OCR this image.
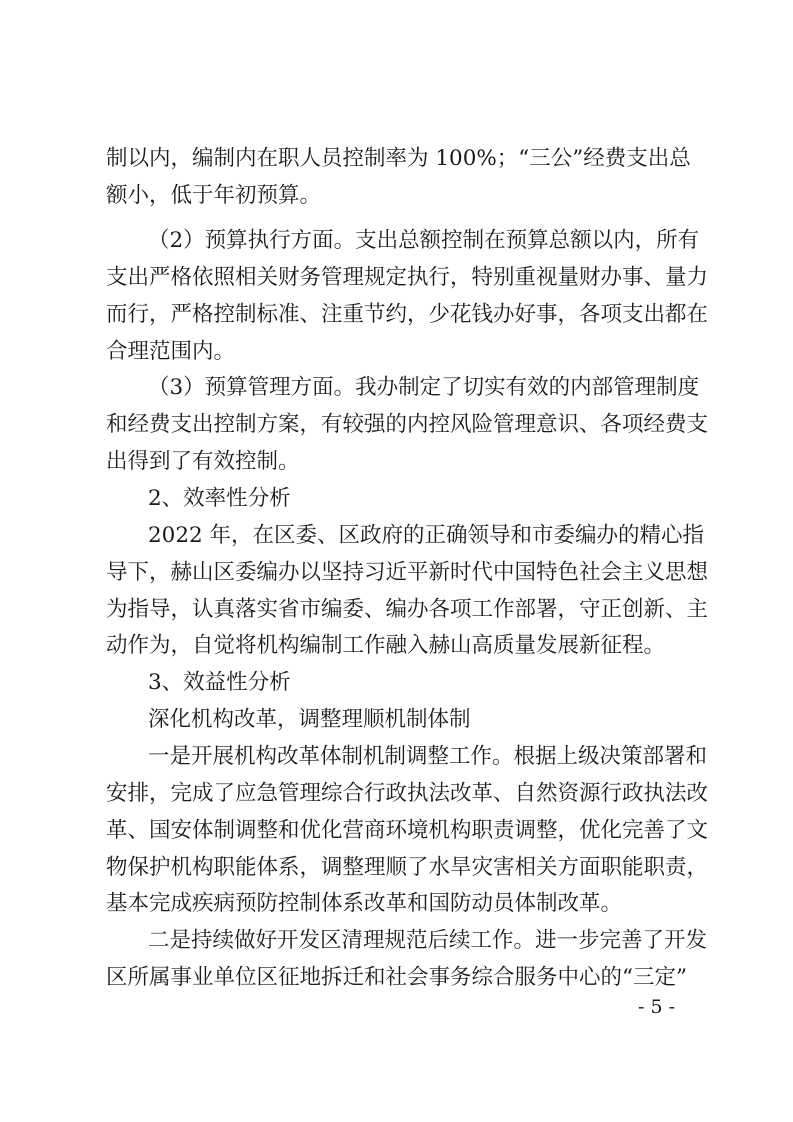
制以内，编制内在职人员控制率为 100%；“三公”经费支出总
额小，低于年初预算。
（2）预算执行方面。支出总额控制在预算总额以内，所有
支出严格依照相关财务管理规定执行，特别重视量财办事、量力
而行，严格控制标准、注重节约，少花钱办好事，各项支出都在
合理范围内。
（3）预算管理方面。我办制定了切实有效的内部管理制度
和经费支出控制方案，有较强的内控风险管理意识、各项经费支
出得到了有效控制。
2、效率性分析
2022 年，在区委、区政府的正确领导和市委编办的精心指
导下，赫山区委编办以坚持习近平新时代中国特色社会主义思想
为指导，认真落实省市编委、编办各项工作部署，守正创新、主
动作为，自觉将机构编制工作融入赫山高质量发展新征程。
3、效益性分析
深化机构改革，调整理顺机制体制
一是开展机构改革体制机制调整工作。根据上级决策部署和
安排，完成了应急管理综合行政执法改革、自然资源行政执法改
革、国安体制调整和优化营商环境机构职责调整，优化完善了文
物保护机构职能体系，调整理顺了水旱灾害相关方面职能职责，
基本完成疾病预防控制体系改革和国防动员体制改革。
二是持续做好开发区清理规范后续工作。进一步完善了开发
区所属事业单位区征地拆迁和社会事务综合服务中心的“三定”
- 5 -
